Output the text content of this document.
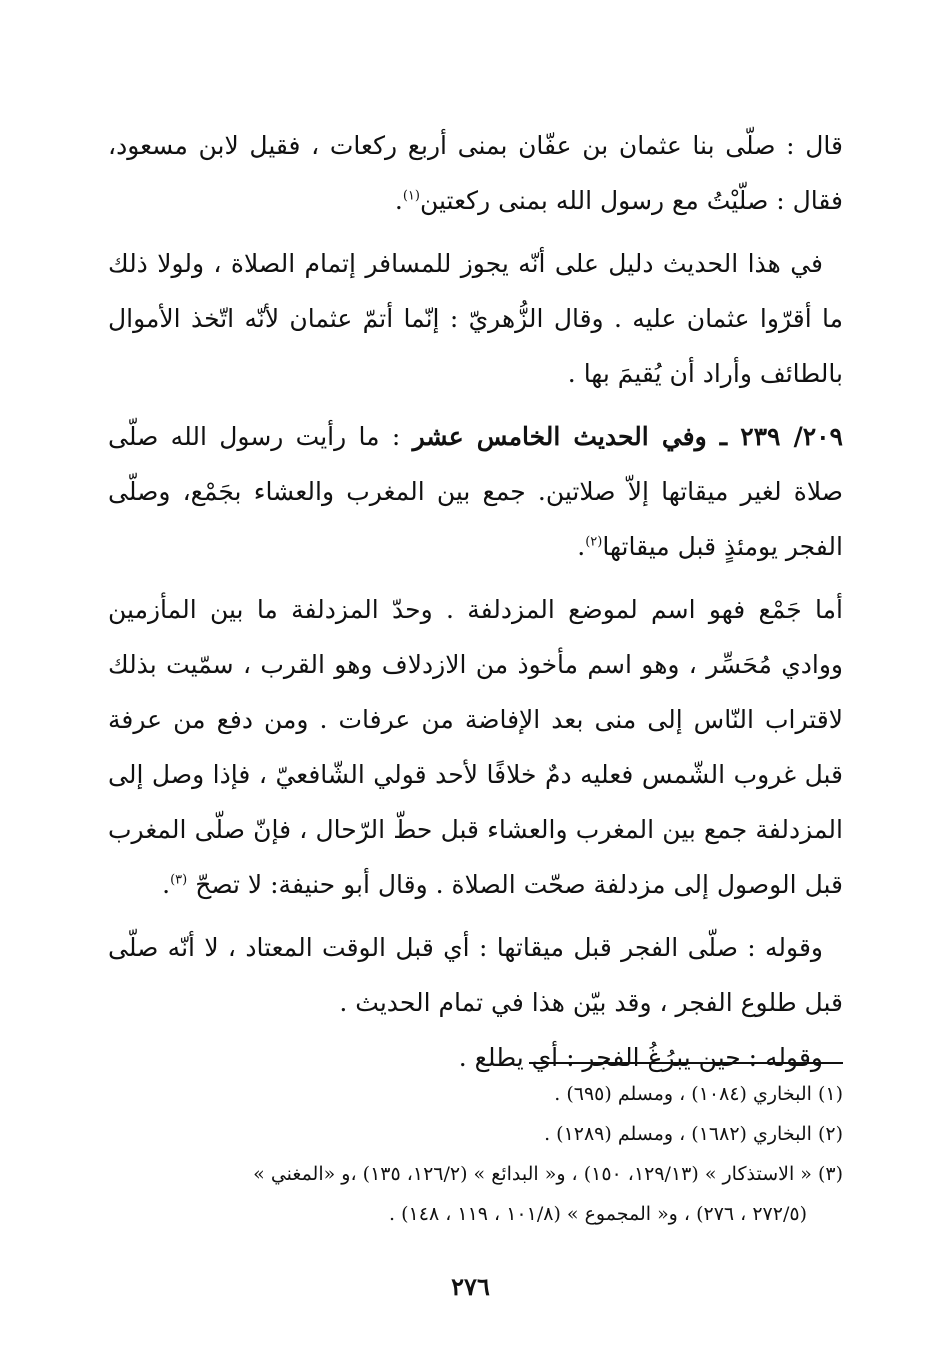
قال : صلّى بنا عثمان بن عفّان بمنى أربع ركعات ، فقيل لابن مسعود، فقال : صلّيْتُ مع رسول الله بمنى ركعتين$^{(١)}$.

في هذا الحديث دليل على أنّه يجوز للمسافر إتمام الصلاة ، ولولا ذلك ما أقرّوا عثمان عليه . وقال الزُّهريّ : إنّما أتمّ عثمان لأنّه اتّخذ الأموال بالطائف وأراد أن يُقيمَ بها .

٢٠٩/ ٢٣٩ ـ وفي الحديث الخامس عشر : ما رأيت رسول الله صلّى صلاة لغير ميقاتها إلاّ صلاتين. جمع بين المغرب والعشاء بجَمْع، وصلّى الفجر يومئذٍ قبل ميقاتها$^{(٢)}$.

أما جَمْع فهو اسم لموضع المزدلفة . وحدّ المزدلفة ما بين المأزمين ووادي مُحَسِّر ، وهو اسم مأخوذ من الازدلاف وهو القرب ، سمّيت بذلك لاقتراب النّاس إلى منى بعد الإفاضة من عرفات . ومن دفع من عرفة قبل غروب الشّمس فعليه دمٌ خلافًا لأحد قولي الشّافعيّ ، فإذا وصل إلى المزدلفة جمع بين المغرب والعشاء قبل حطّ الرّحال ، فإنّ صلّى المغرب قبل الوصول إلى مزدلفة صحّت الصلاة . وقال أبو حنيفة: لا تصحّ $^{(٣)}$.

وقوله : صلّى الفجر قبل ميقاتها : أي قبل الوقت المعتاد ، لا أنّه صلّى قبل طلوع الفجر ، وقد بيّن هذا في تمام الحديث .

وقوله : حين يبرُغُ الفجر : أي يطلع .

(١) البخاري (١٠٨٤) ، ومسلم (٦٩٥) .

(٢) البخاري (١٦٨٢) ، ومسلم (١٢٨٩) .

(٣) « الاستذكار » (١٢٩/١٣، ١٥٠) ، و« البدائع » (١٢٦/٢، ١٣٥) ،و «المغني »

(٢٧٢/٥ ، ٢٧٦) ، و« المجموع » (١٠١/٨ ، ١١٩ ، ١٤٨) .

٢٧٦
